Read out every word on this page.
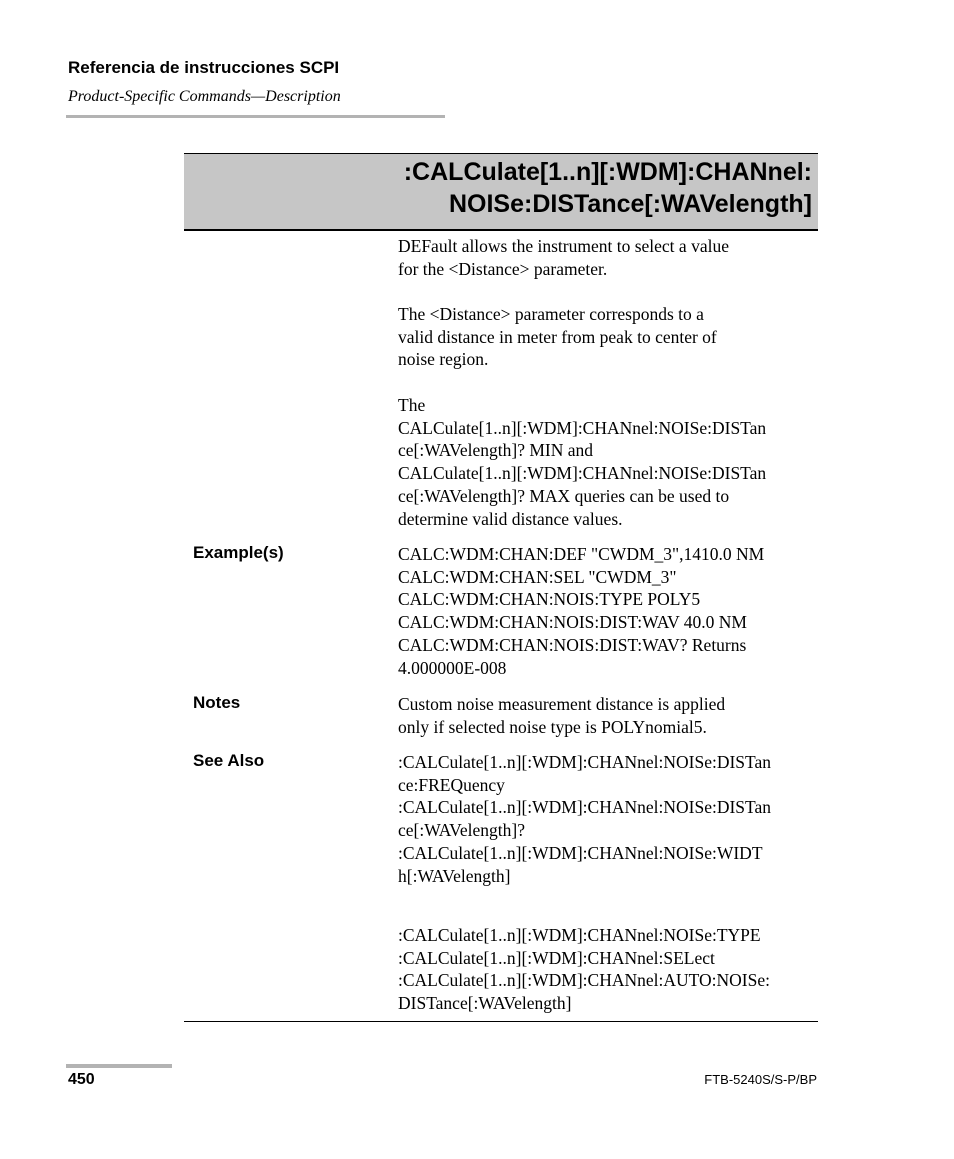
Referencia de instrucciones SCPI
Product-Specific Commands—Description
:CALCulate[1..n][:WDM]:CHANnel:
NOISe:DISTance[:WAVelength]
DEFault allows the instrument to select a value
for the <Distance> parameter.
The <Distance> parameter corresponds to a
valid distance in meter from peak to center of
noise region.
The
CALCulate[1..n][:WDM]:CHANnel:NOISe:DISTan
ce[:WAVelength]? MIN and
CALCulate[1..n][:WDM]:CHANnel:NOISe:DISTan
ce[:WAVelength]? MAX queries can be used to
determine valid distance values.
Example(s)	CALC:WDM:CHAN:DEF "CWDM_3",1410.0 NM
CALC:WDM:CHAN:SEL "CWDM_3"
CALC:WDM:CHAN:NOIS:TYPE POLY5
CALC:WDM:CHAN:NOIS:DIST:WAV 40.0 NM
CALC:WDM:CHAN:NOIS:DIST:WAV? Returns
4.000000E-008
Notes	Custom noise measurement distance is applied
only if selected noise type is POLYnomial5.
See Also	:CALCulate[1..n][:WDM]:CHANnel:NOISe:DISTan
ce:FREQuency
:CALCulate[1..n][:WDM]:CHANnel:NOISe:DISTan
ce[:WAVelength]?
:CALCulate[1..n][:WDM]:CHANnel:NOISe:WIDT
h[:WAVelength]
:CALCulate[1..n][:WDM]:CHANnel:NOISe:TYPE
:CALCulate[1..n][:WDM]:CHANnel:SELect
:CALCulate[1..n][:WDM]:CHANnel:AUTO:NOISe:
DISTance[:WAVelength]
450	FTB-5240S/S-P/BP
